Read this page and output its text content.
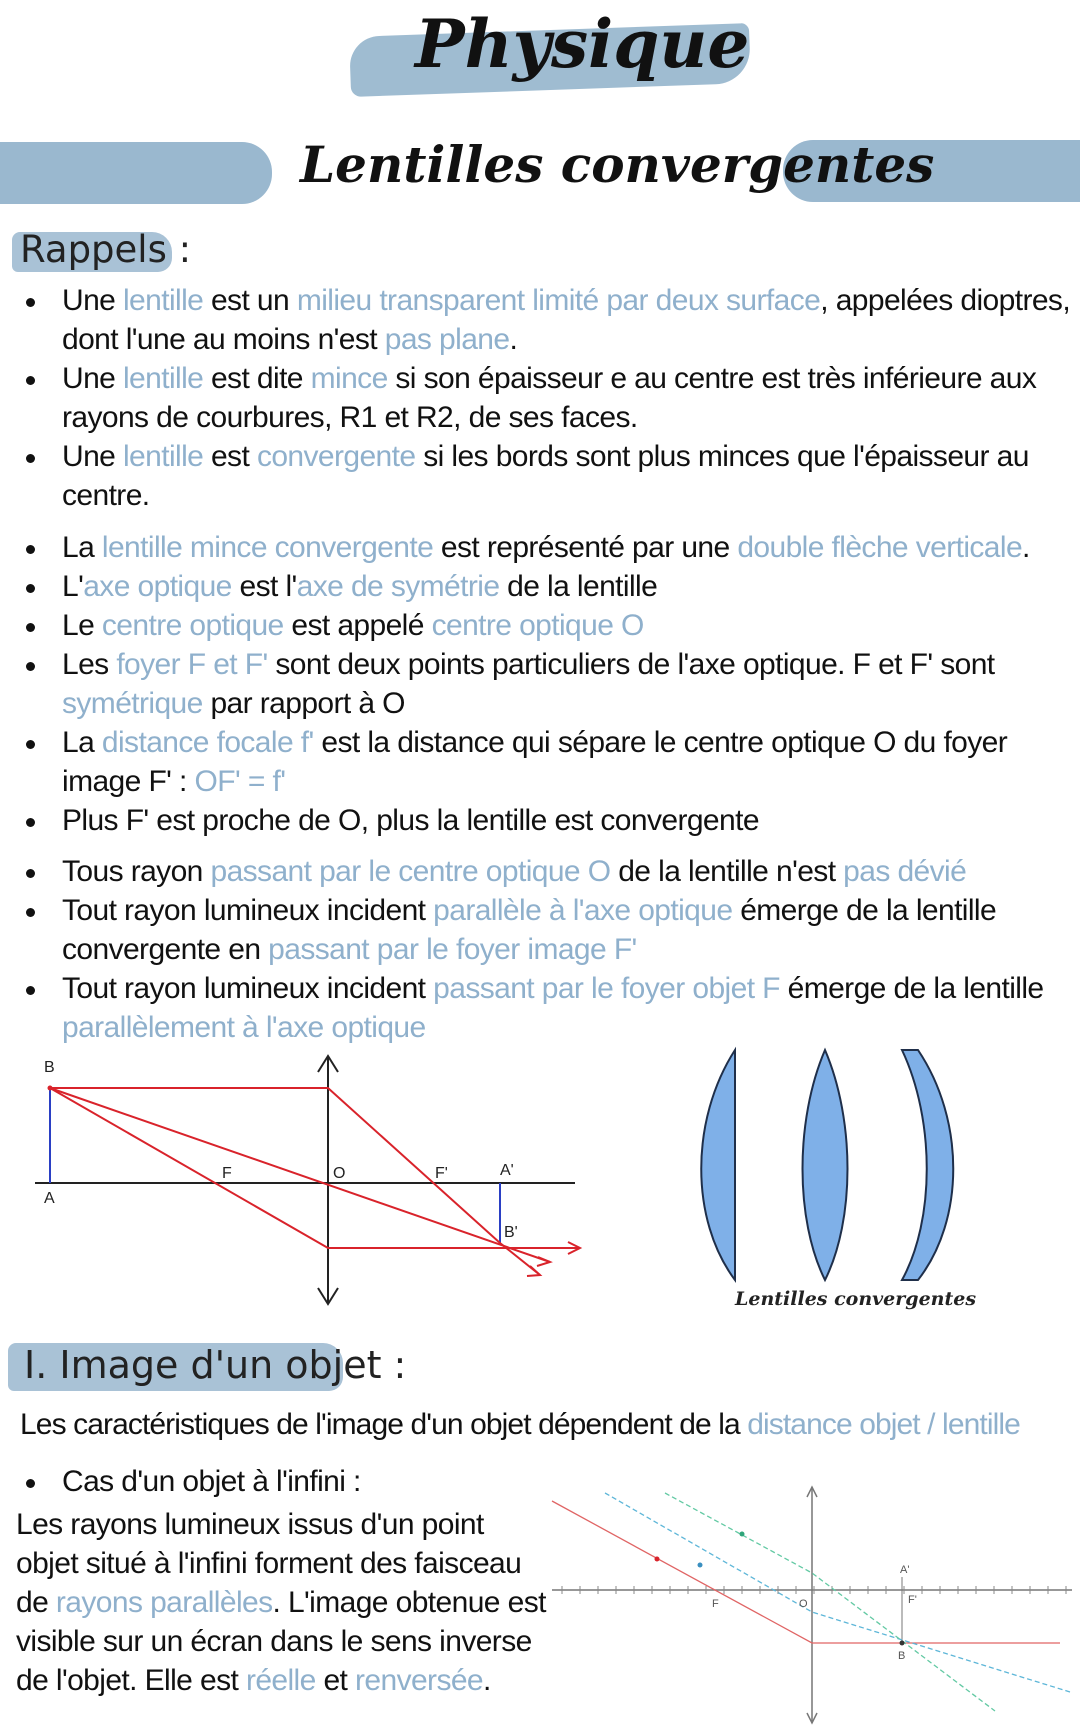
Physique
Lentilles convergentes
Rappels :
Une lentille est un milieu transparent limité par deux surface, appelées dioptres, dont l'une au moins n'est pas plane.
Une lentille est dite mince si son épaisseur e au centre est très inférieure aux rayons de courbures, R1 et R2, de ses faces.
Une lentille est convergente si les bords sont plus minces que l'épaisseur au centre.
La lentille mince convergente est représenté par une double flèche verticale.
L'axe optique est l'axe de symétrie de la lentille
Le centre optique est appelé centre optique O
Les foyer F et F' sont deux points particuliers de l'axe optique. F et F' sont symétrique par rapport à O
La distance focale f' est la distance qui sépare le centre optique O du foyer image F' : OF' = f'
Plus F' est proche de O, plus la lentille est convergente
Tous rayon passant par le centre optique O de la lentille n'est pas dévié
Tout rayon lumineux incident parallèle à l'axe optique émerge de la lentille convergente en passant par le foyer image F'
Tout rayon lumineux incident passant par le foyer objet F émerge de la lentille parallèlement à l'axe optique
B
A
F	O	F'	A'
B'
Lentilles convergentes
I. Image d'un objet :
Les caractéristiques de l'image d'un objet dépendent de la distance objet / lentille
Cas d'un objet à l'infini :
Les rayons lumineux issus d'un point objet situé à l'infini forment des faisceau de rayons parallèles. L'image obtenue est visible sur un écran dans le sens inverse de l'objet. Elle est réelle et renversée.
F	O	F'
A'
B
